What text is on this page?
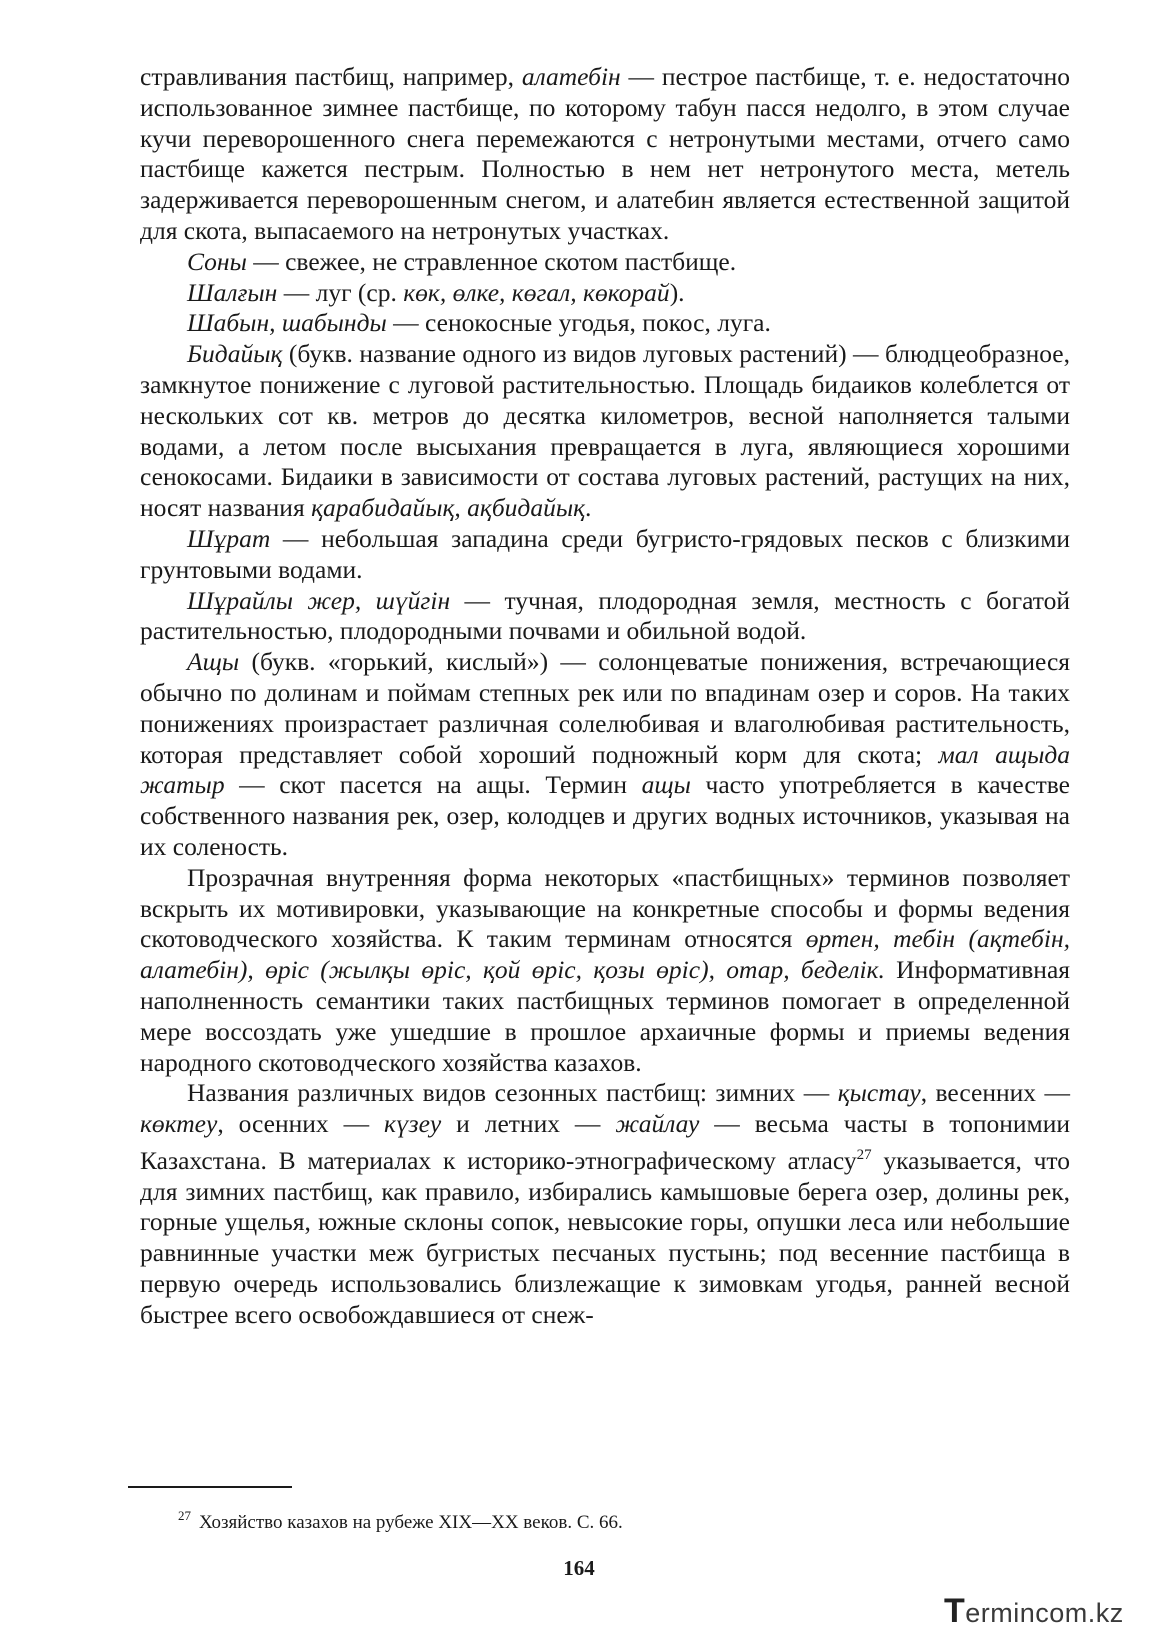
стравливания пастбищ, например, алатебін — пестрое пастбище, т. е. недостаточно использованное зимнее пастбище, по которому табун пасся недолго, в этом случае кучи переворошенного снега перемежаются с нетронутыми местами, отчего само пастбище кажется пестрым. Полностью в нем нет нетронутого места, метель задерживается переворошенным снегом, и алатебин является естественной защитой для скота, выпасаемого на нетронутых участках.

Соны — свежее, не стравленное скотом пастбище.

Шалғын — луг (ср. көк, өлке, көгал, көкорай).

Шабын, шабынды — сенокосные угодья, покос, луга.

Бидайық (букв. название одного из видов луговых растений) — блюдцеобразное, замкнутое понижение с луговой растительностью. Площадь бидаиков колеблется от нескольких сот кв. метров до десятка километров, весной наполняется талыми водами, а летом после высыхания превращается в луга, являющиеся хорошими сенокосами. Бидаики в зависимости от состава луговых растений, растущих на них, носят названия қарабидайық, ақбидайық.

Шұрат — небольшая западина среди бугристо-грядовых песков с близкими грунтовыми водами.

Шұрайлы жер, шүйгін — тучная, плодородная земля, местность с богатой растительностью, плодородными почвами и обильной водой.

Ащы (букв. «горький, кислый») — солонцеватые понижения, встречающиеся обычно по долинам и поймам степных рек или по впадинам озер и соров. На таких понижениях произрастает различная солелюбивая и влаголюбивая растительность, которая представляет собой хороший подножный корм для скота; мал ащыда жатыр — скот пасется на ащы. Термин ащы часто употребляется в качестве собственного названия рек, озер, колодцев и других водных источников, указывая на их соленость.

Прозрачная внутренняя форма некоторых «пастбищных» терминов позволяет вскрыть их мотивировки, указывающие на конкретные способы и формы ведения скотоводческого хозяйства. К таким терминам относятся өртен, тебін (ақтебін, алатебін), өріс (жылқы өріс, қой өріс, қозы өріс), отар, беделік. Информативная наполненность семантики таких пастбищных терминов помогает в определенной мере воссоздать уже ушедшие в прошлое архаичные формы и приемы ведения народного скотоводческого хозяйства казахов.

Названия различных видов сезонных пастбищ: зимних — қыстау, весенних — көктеу, осенних — күзеу и летних — жайлау — весьма часты в топонимии Казахстана. В материалах к историко-этнографическому атласу$^{27}$ указывается, что для зимних пастбищ, как правило, избирались камышовые берега озер, долины рек, горные ущелья, южные склоны сопок, невысокие горы, опушки леса или небольшие равнинные участки меж бугристых песчаных пустынь; под весенние пастбища в первую очередь использовались близлежащие к зимовкам угодья, ранней весной быстрее всего освобождавшиеся от снеж-

$^{27}$ Хозяйство казахов на рубеже XIX—XX веков. С. 66.
164
Termincom.kz
